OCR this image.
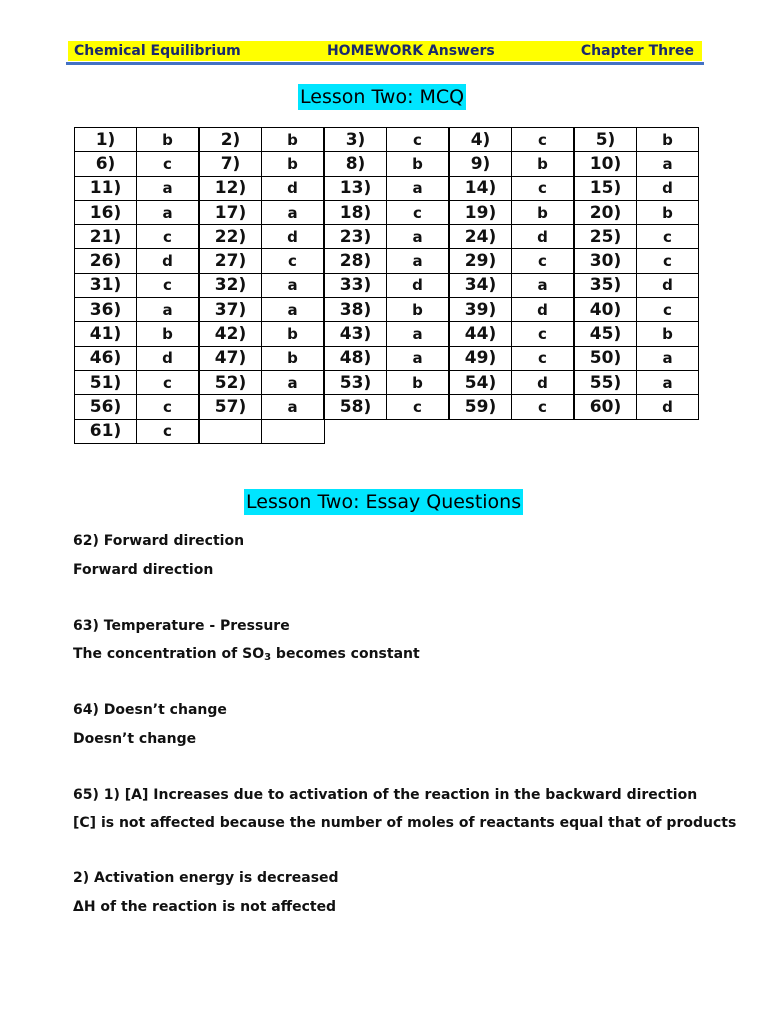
Chemical Equilibrium	HOMEWORK Answers	Chapter Three
Lesson Two: MCQ
1)	b	2)	b	3)	c	4)	c	5)	b
6)	c	7)	b	8)	b	9)	b	10)	a
11)	a	12)	d	13)	a	14)	c	15)	d
16)	a	17)	a	18)	c	19)	b	20)	b
21)	c	22)	d	23)	a	24)	d	25)	c
26)	d	27)	c	28)	a	29)	c	30)	c
31)	c	32)	a	33)	d	34)	a	35)	d
36)	a	37)	a	38)	b	39)	d	40)	c
41)	b	42)	b	43)	a	44)	c	45)	b
46)	d	47)	b	48)	a	49)	c	50)	a
51)	c	52)	a	53)	b	54)	d	55)	a
56)	c	57)	a	58)	c	59)	c	60)	d
61)	c								
Lesson Two: Essay Questions
62) Forward direction
Forward direction
63) Temperature - Pressure
The concentration of $SO_3$ becomes constant
64) Doesn’t change
Doesn’t change
65) 1) [A] Increases due to activation of the reaction in the backward direction
[C] is not affected because the number of moles of reactants equal that of products
2) Activation energy is decreased
ΔH of the reaction is not affected
